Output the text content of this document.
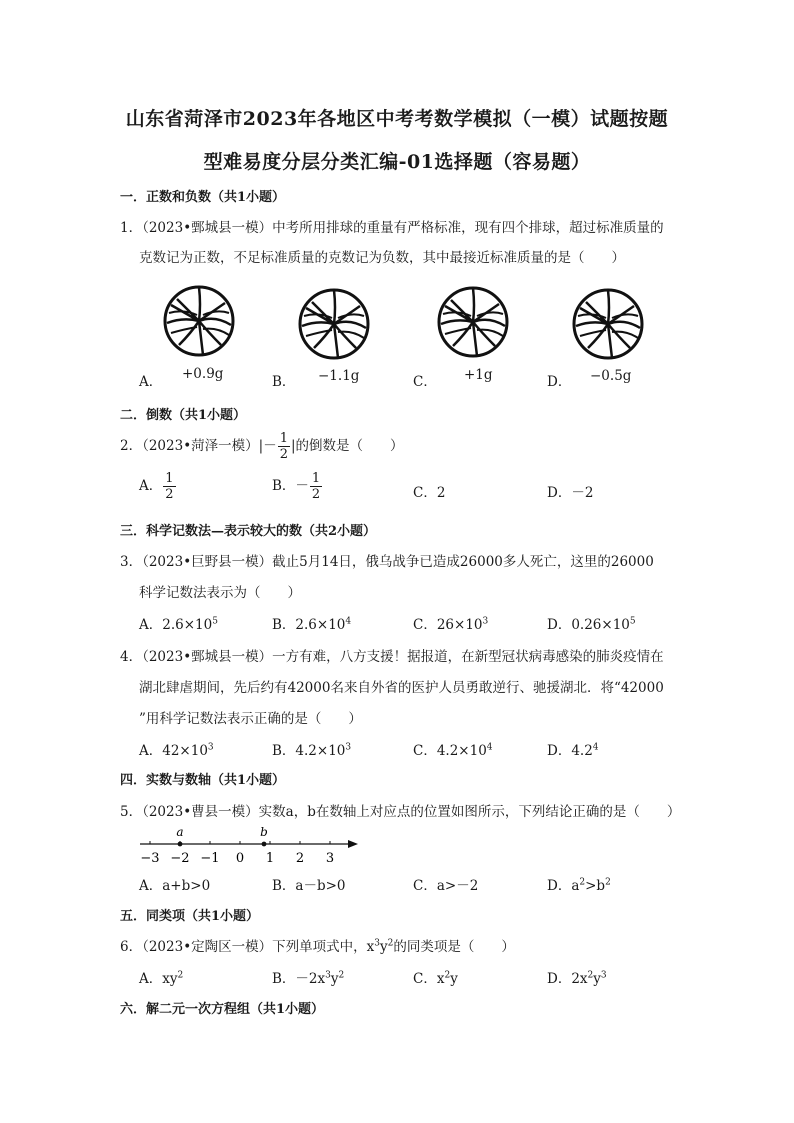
山东省菏泽市2023年各地区中考考数学模拟（一模）试题按题
型难易度分层分类汇编-01选择题（容易题）
一．正数和负数（共1小题）
1．（2023•鄄城县一模）中考所用排球的重量有严格标准，现有四个排球，超过标准质量的
克数记为正数，不足标准质量的克数记为负数，其中最接近标准质量的是（　　）
A． +0.9g	B． −1.1g	C． +1g	D． −0.5g
二．倒数（共1小题）
2．（2023•菏泽一模）|－ $\frac{1}{2}$ |的倒数是（　　）
A． $\frac{1}{2}$	B．－ $\frac{1}{2}$	C．2	D．－2
三．科学记数法—表示较大的数（共2小题）
3．（2023•巨野县一模）截止5月14日，俄乌战争已造成26000多人死亡，这里的26000
科学记数法表示为（　　）
A．$2.6\times 10^5$	B．$2.6\times 10^4$	C．$26\times 10^3$	D．$0.26\times 10^5$
4．（2023•鄄城县一模）一方有难，八方支援！据报道，在新型冠状病毒感染的肺炎疫情在
湖北肆虐期间，先后约有42000名来自外省的医护人员勇敢逆行、驰援湖北．将“42000
”用科学记数法表示正确的是（　　）
A．$42\times 10^3$	B．$4.2\times 10^3$	C．$4.2\times 10^4$	D．$4.2^4$
四．实数与数轴（共1小题）
5．（2023•曹县一模）实数a，b在数轴上对应点的位置如图所示，下列结论正确的是（　　）
−3 −2 −1 0 1 2 3
a	b
A．a+b>0	B．a－b>0	C．a>－2	D．$a^2>b^2$
五．同类项（共1小题）
6．（2023•定陶区一模）下列单项式中，$x^3y^2$的同类项是（　　）
A．$xy^2$	B．$-2x^3y^2$	C．$x^2y$	D．$2x^2y^3$
六．解二元一次方程组（共1小题）
